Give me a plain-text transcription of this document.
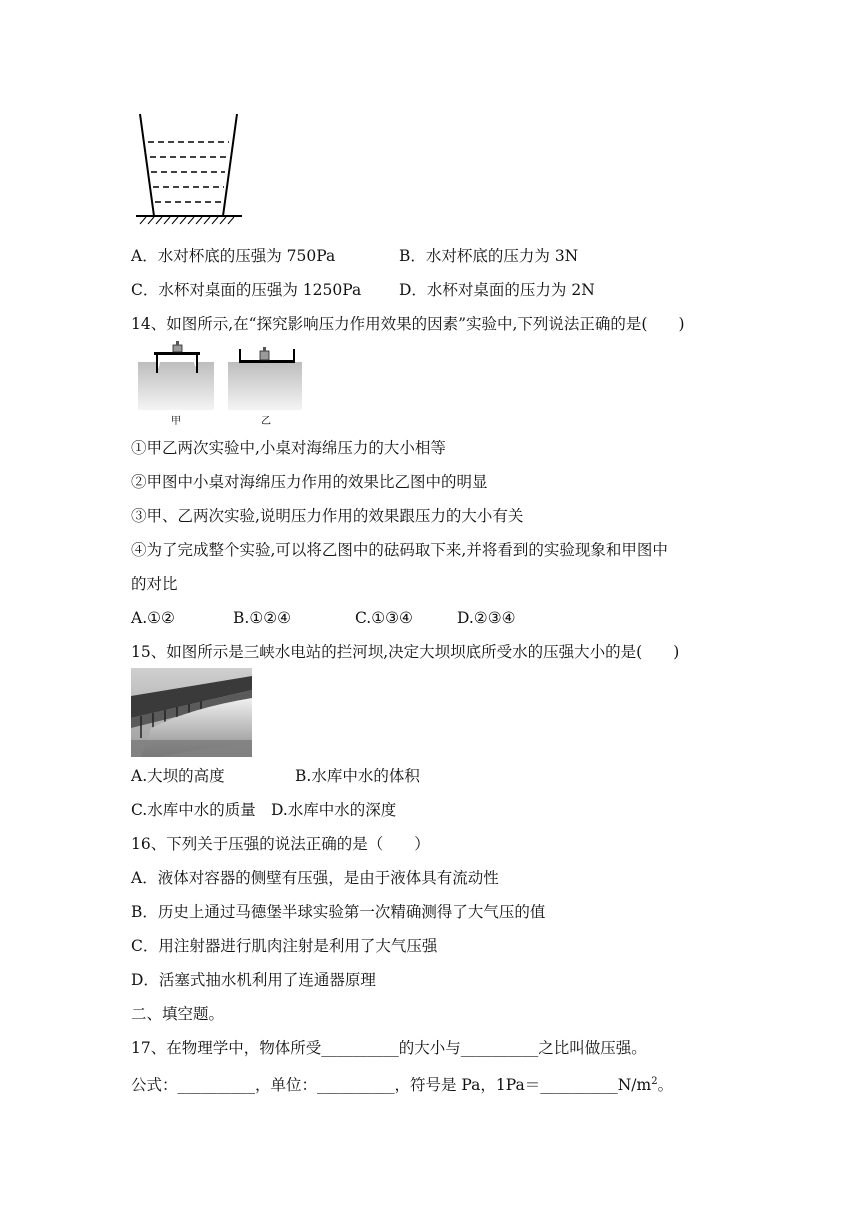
A．水对杯底的压强为 750Pa	B．水对杯底的压力为 3N
C．水杯对桌面的压强为 1250Pa D．水杯对桌面的压力为 2N
14、如图所示,在“探究影响压力作用效果的因素”实验中,下列说法正确的是(　　)
甲	乙
①甲乙两次实验中,小桌对海绵压力的大小相等
②甲图中小桌对海绵压力作用的效果比乙图中的明显
③甲、乙两次实验,说明压力作用的效果跟压力的大小有关
④为了完成整个实验,可以将乙图中的砝码取下来,并将看到的实验现象和甲图中
的对比
A.①②	B.①②④	C.①③④	D.②③④
15、如图所示是三峡水电站的拦河坝,决定大坝坝底所受水的压强大小的是(　　)
A.大坝的高度	B.水库中水的体积
C.水库中水的质量 D.水库中水的深度
16、下列关于压强的说法正确的是（　　）
A．液体对容器的侧壁有压强，是由于液体具有流动性
B．历史上通过马德堡半球实验第一次精确测得了大气压的值
C．用注射器进行肌肉注射是利用了大气压强
D．活塞式抽水机利用了连通器原理
二、填空题。
17、在物理学中，物体所受__________的大小与__________之比叫做压强。
公式：__________，单位：__________，符号是 Pa，$1Pa=\_\_\_\_\_\_\_\_\_\_N/m^2$。
